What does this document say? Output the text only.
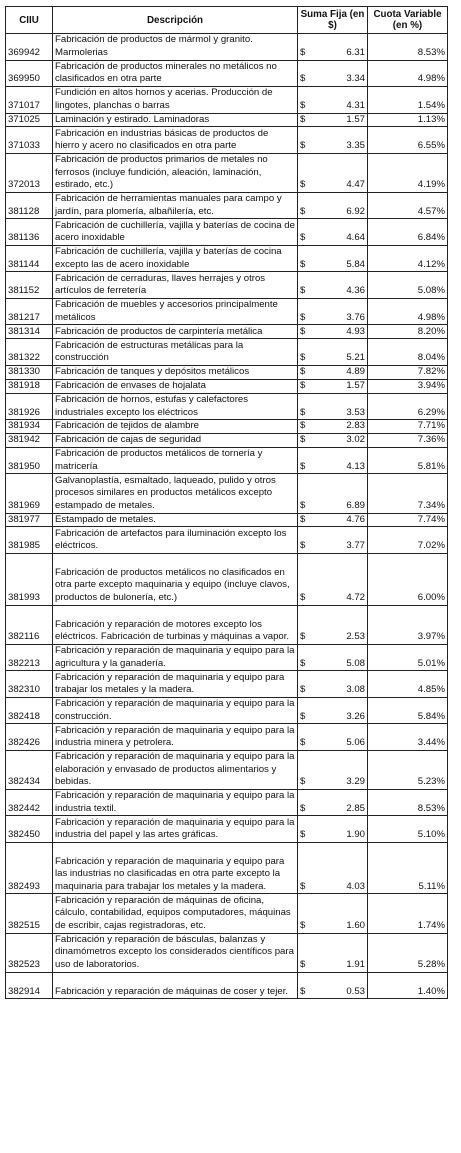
CIIU	Descripción	Suma Fija (en $)	Cuota Variable (en %)
369942	Fabricación de productos de mármol y granito. Marmolerias	$ 6.31	8.53%
369950	Fabricación de productos minerales no metálicos no clasificados en otra parte	$ 3.34	4.98%
371017	Fundición en altos hornos y acerias. Producción de lingotes, planchas o barras	$ 4.31	1.54%
371025	Laminación y estirado. Laminadoras	$ 1.57	1.13%
371033	Fabricación en industrias básicas de productos de hierro y acero no clasificados en otra parte	$ 3.35	6.55%
372013	Fabricación de productos primarios de metales no ferrosos (incluye fundición, aleación, laminación, estirado, etc.)	$ 4.47	4.19%
381128	Fabricación de herramientas manuales para campo y jardín, para plomería, albañilería, etc.	$ 6.92	4.57%
381136	Fabricación de cuchillería, vajilla y baterías de cocina de acero inoxidable	$ 4.64	6.84%
381144	Fabricación de cuchillería, vajilla y baterías de cocina excepto las de acero inoxidable	$ 5.84	4.12%
381152	Fabricación de cerraduras, llaves herrajes y otros artículos de ferretería	$ 4.36	5.08%
381217	Fabricación de muebles y accesorios principalmente metálicos	$ 3.76	4.98%
381314	Fabricación de productos de carpintería metálica	$ 4.93	8.20%
381322	Fabricación de estructuras metálicas para la construcción	$ 5.21	8.04%
381330	Fabricación de tanques y depósitos metálicos	$ 4.89	7.82%
381918	Fabricación de envases de hojalata	$ 1.57	3.94%
381926	Fabricación de hornos, estufas y calefactores industriales excepto los eléctricos	$ 3.53	6.29%
381934	Fabricación de tejidos de alambre	$ 2.83	7.71%
381942	Fabricación de cajas de seguridad	$ 3.02	7.36%
381950	Fabricación de productos metálicos de tornería y matricería	$ 4.13	5.81%
381969	Galvanoplastía, esmaltado, laqueado, pulido y otros procesos similares en productos metálicos excepto estampado de metales.	$ 6.89	7.34%
381977	Estampado de metales.	$ 4.76	7.74%
381985	Fabricación de artefactos para iluminación excepto los eléctricos.	$ 3.77	7.02%
381993	Fabricación de productos metálicos no clasificados en otra parte excepto maquinaria y equipo (incluye clavos, productos de bulonería, etc.)	$ 4.72	6.00%
382116	Fabricación y reparación de motores excepto los eléctricos. Fabricación de turbinas y máquinas a vapor.	$ 2.53	3.97%
382213	Fabricación y reparación de maquinaria y equipo para la agricultura y la ganadería.	$ 5.08	5.01%
382310	Fabricación y reparación de maquinaria y equipo para trabajar los metales y la madera.	$ 3.08	4.85%
382418	Fabricación y reparación de maquinaria y equipo para la construcción.	$ 3.26	5.84%
382426	Fabricación y reparación de maquinaria y equipo para la industria minera y petrolera.	$ 5.06	3.44%
382434	Fabricación y reparación de maquinaria y equipo para la elaboración y envasado de productos alimentarios y bebidas.	$ 3.29	5.23%
382442	Fabricación y reparación de maquinaria y equipo para la industria textil.	$ 2.85	8.53%
382450	Fabricación y reparación de maquinaria y equipo para la industria del papel y las artes gráficas.	$ 1.90	5.10%
382493	Fabricación y reparación de maquinaria y equipo para las industrias no clasificadas en otra parte excepto la maquinaria para trabajar los metales y la madera.	$ 4.03	5.11%
382515	Fabricación y reparación de máquinas de oficina, cálculo, contabilidad, equipos computadores, máquinas de escribir, cajas registradoras, etc.	$ 1.60	1.74%
382523	Fabricación y reparación de básculas, balanzas y dinamómetros excepto los considerados científicos para uso de laboratorios.	$ 1.91	5.28%
382914	Fabricación y reparación de máquinas de coser y tejer.	$ 0.53	1.40%
